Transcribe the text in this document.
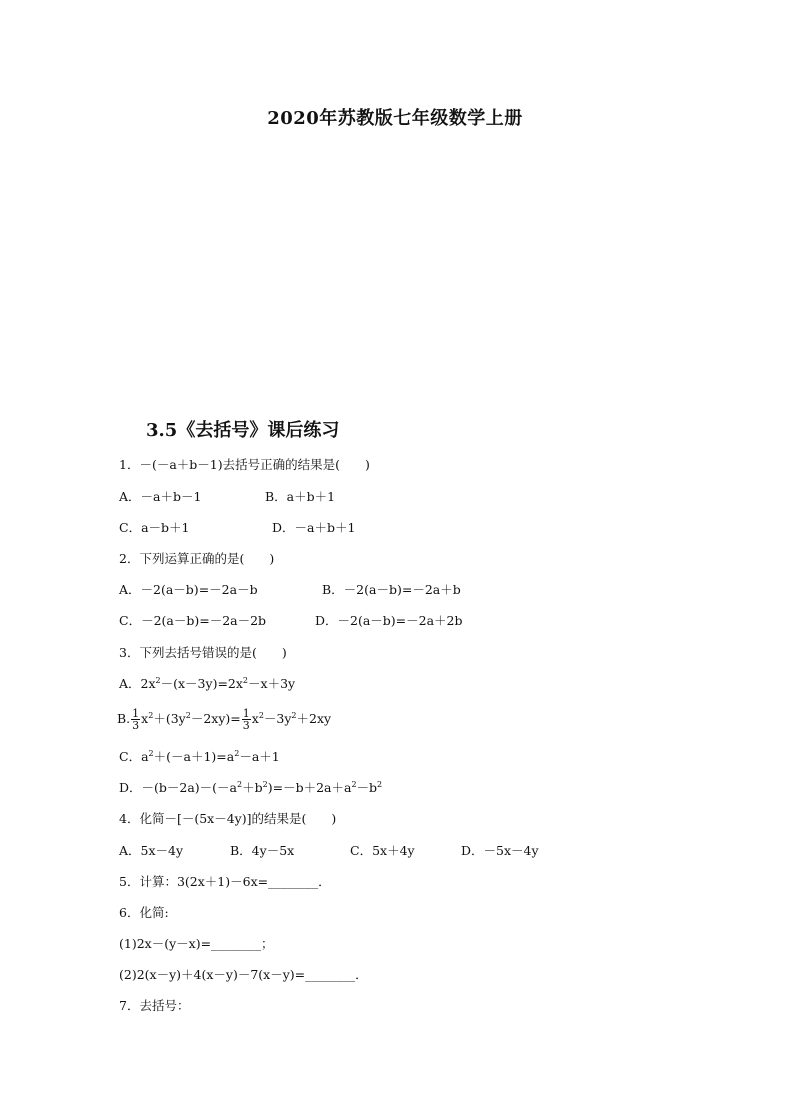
2020年苏教版七年级数学上册
3.5《去括号》课后练习
1．－(－a＋b－1)去括号正确的结果是(　　)
A．－a＋b－1	B．a＋b＋1
C．a－b＋1	D．－a＋b＋1
2．下列运算正确的是(　　)
A．－2(a－b)=－2a－b	B．－2(a－b)=－2a＋b
C．－2(a－b)=－2a－2b	D．－2(a－b)=－2a＋2b
3．下列去括号错误的是(　　)
A．$2x^2-(x-3y)=2x^2-x+3y$
B. $\frac{1}{3} x^2+(3y^2-2xy)= \frac{1}{3} x^2-3y^2+2xy$
C．$a^2+(-a+1)=a^2-a+1$
D．$-(b-2a)-(-a^2+b^2)=-b+2a+a^2-b^2$
4．化简－[－(5x－4y)]的结果是(　　)
A．5x－4y	B．4y－5x	C．5x＋4y	D．－5x－4y
5．计算：3(2x＋1)－6x=________．
6．化简:
(1)2x－(y－x)=________；
(2)2(x－y)＋4(x－y)－7(x－y)=________．
7．去括号：
